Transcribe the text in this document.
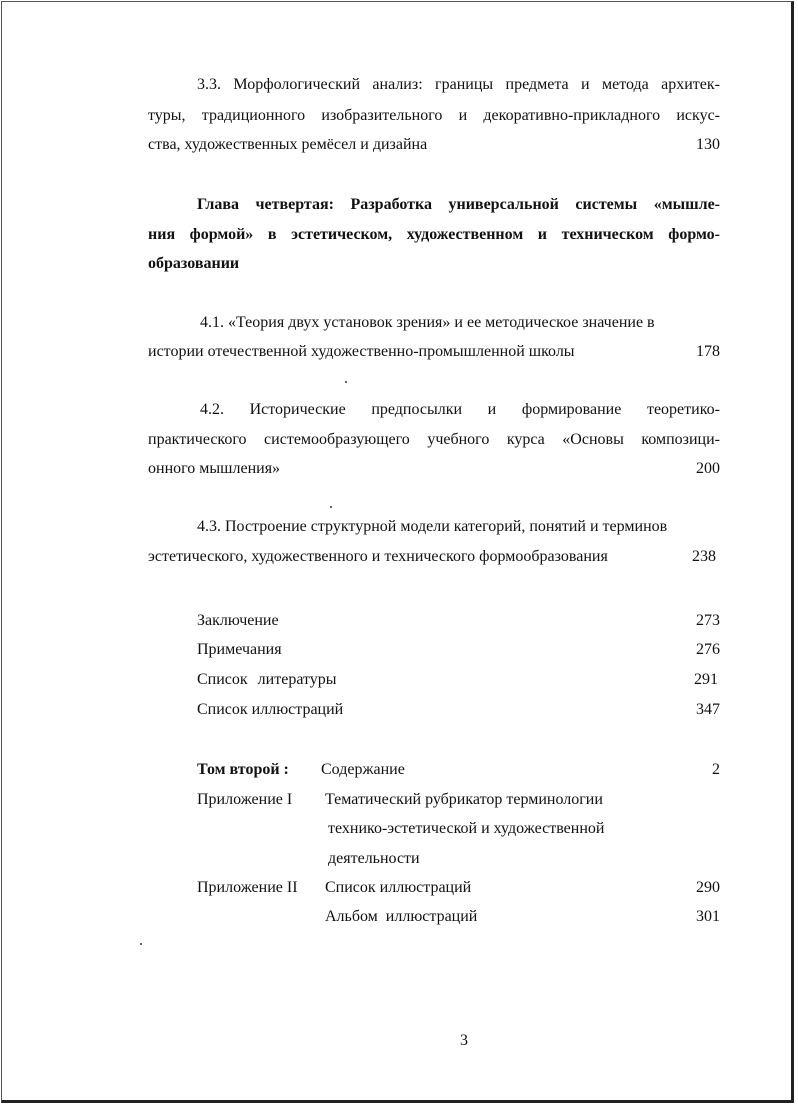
3.3. Морфологический анализ: границы предмета и метода архитек-
туры, традиционного изобразительного и декоративно-прикладного искус-
ства, художественных ремёсел и дизайна	130
Глава четвертая: Разработка универсальной системы «мышле-
ния формой» в эстетическом, художественном и техническом формо-
образовании
4.1. «Теория двух установок зрения» и ее методическое значение в
истории отечественной художественно-промышленной школы	178
4.2. Исторические предпосылки и формирование теоретико-
практического системообразующего учебного курса «Основы композици-
онного мышления»	200
4.3. Построение структурной модели категорий, понятий и терминов
эстетического, художественного и технического формообразования	238
Заключение	273
Примечания	276
Список литературы	291
Список иллюстраций	347
Том второй : Содержание	2
Приложение I Тематический рубрикатор терминологии
технико-эстетической и художественной
деятельности
Приложение II Список иллюстраций	290
Альбом иллюстраций	301
3
